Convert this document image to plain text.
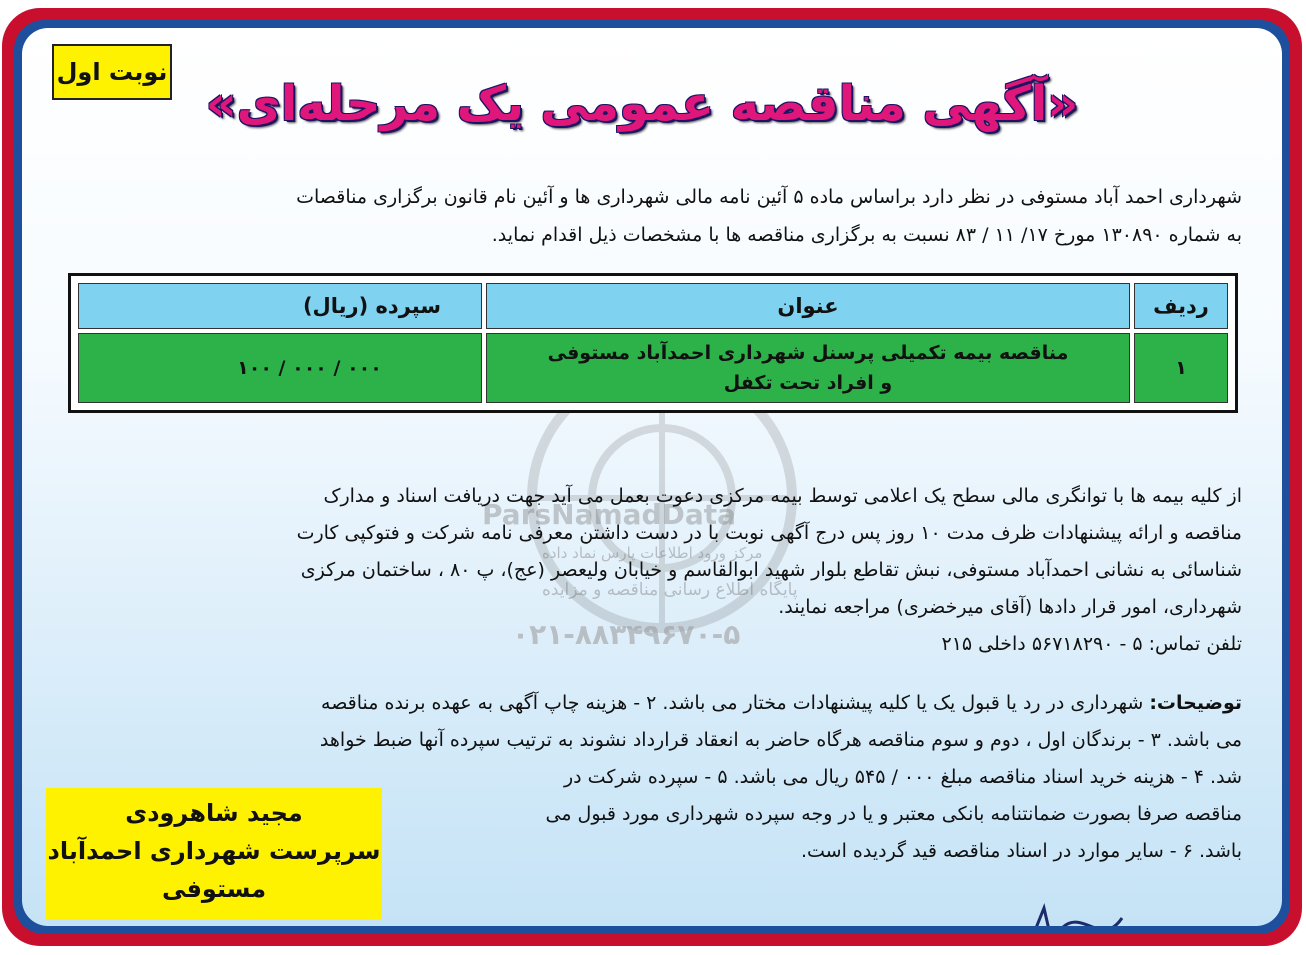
نوبت اول
«آگهی مناقصه عمومی یک مرحله‌ای»
شهرداری احمد آباد مستوفی در نظر دارد براساس ماده ۵ آئین نامه مالی شهرداری ها و آئین نام قانون برگزاری مناقصات
به شماره ۱۳۰۸۹۰ مورخ ۱۷/ ۱۱ / ۸۳ نسبت به برگزاری مناقصه ها با مشخصات ذیل اقدام نماید.
ParsNamadData
مرکز ورود اطلاعات پارس نماد داده
پایگاه اطلاع رسانی مناقصه و مزایده
۰۲۱-۸۸۳۴۹۶۷۰-۵
ردیف	عنوان	سپرده (ریال)
۱	مناقصه بیمه تکمیلی پرسنل شهرداری احمدآباد مستوفی
و افراد تحت تکفل	۰۰۰ / ۰۰۰ / ۱۰۰
از کلیه بیمه ها با توانگری مالی سطح یک اعلامی توسط بیمه مرکزی دعوت بعمل می آید جهت دریافت اسناد و مدارک
مناقصه و ارائه پیشنهادات ظرف مدت ۱۰ روز پس درج آگهی نوبت با در دست داشتن معرفی نامه شرکت و فتوکپی کارت
شناسائی به نشانی احمدآباد مستوفی، نبش تقاطع بلوار شهید ابوالقاسم و خیابان ولیعصر (عج)، پ ۸۰ ، ساختمان مرکزی
شهرداری، امور قرار دادها (آقای میرخضری) مراجعه نمایند.
تلفن تماس: ۵ - ۵۶۷۱۸۲۹۰ داخلی ۲۱۵
توضیحات: شهرداری در رد یا قبول یک یا کلیه پیشنهادات مختار می باشد. ۲ - هزینه چاپ آگهی به عهده برنده مناقصه
می باشد. ۳ - برندگان اول ، دوم و سوم مناقصه هرگاه حاضر به انعقاد قرارداد نشوند به ترتیب سپرده آنها ضبط خواهد
شد. ۴ - هزینه خرید اسناد مناقصه مبلغ ۰۰۰ / ۵۴۵ ریال می باشد. ۵ - سپرده شرکت در
مناقصه صرفا بصورت ضمانتنامه بانکی معتبر و یا در وجه سپرده شهرداری مورد قبول می
باشد. ۶ - سایر موارد در اسناد مناقصه قید گردیده است.
مجید شاهرودی
سرپرست شهرداری احمدآباد
مستوفی
